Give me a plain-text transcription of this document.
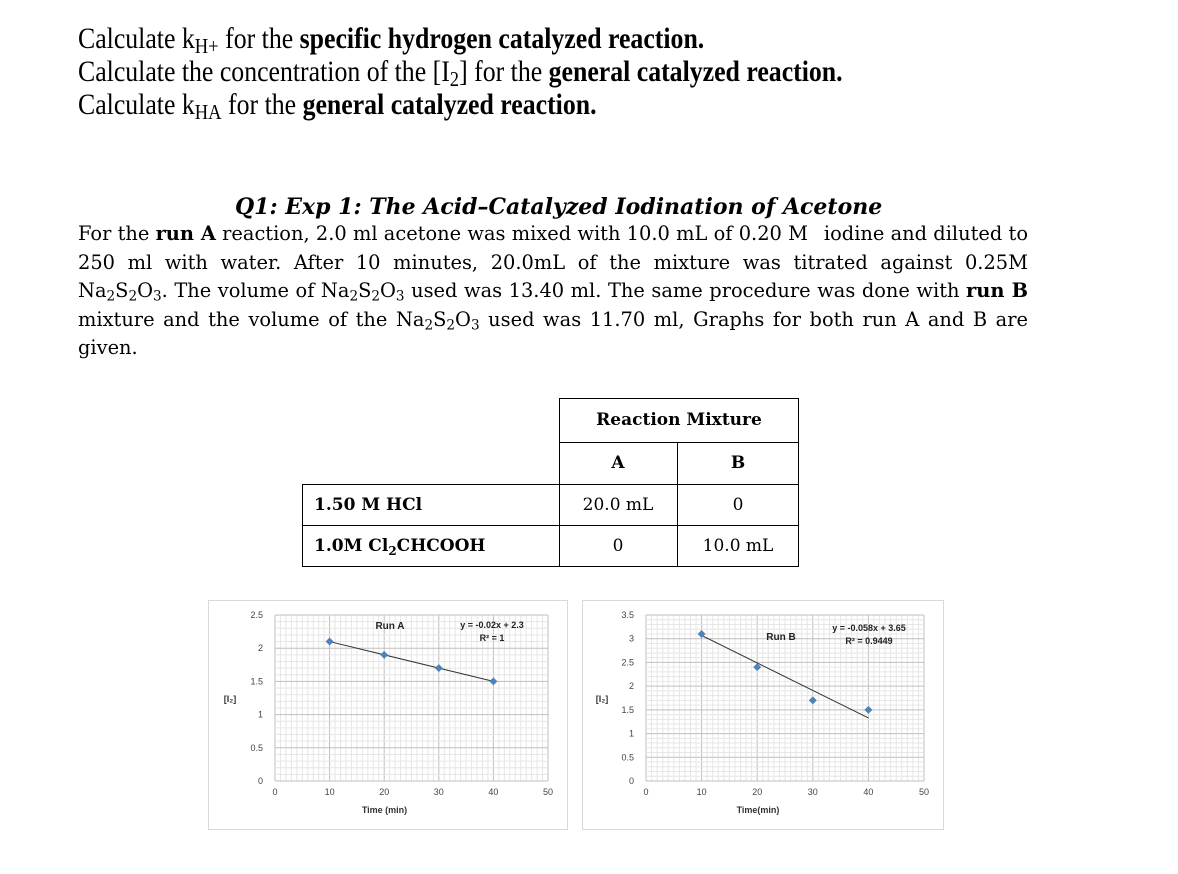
Calculate $k_{H+}$ for the specific hydrogen catalyzed reaction.
Calculate the concentration of the $[I_2]$ for the general catalyzed reaction.
Calculate $k_{HA}$ for the general catalyzed reaction.
Q1: Exp 1: The Acid–Catalyzed Iodination of Acetone
For the run A reaction, 2.0 ml acetone was mixed with 10.0 mL of 0.20 M  iodine and diluted to 250 ml with water. After 10 minutes, 20.0mL of the mixture was titrated against 0.25M $Na_2S_2O_3$. The volume of $Na_2S_2O_3$ used was 13.40 ml. The same procedure was done with run B mixture and the volume of the $Na_2S_2O_3$ used was 11.70 ml, Graphs for both run A and B are given.
Reaction Mixture
A	B
1.50 M HCl	20.0 mL	0
1.0M Cl 2 CHCOOH	0	10.0 mL
0	10	20	30	40	50
0
0.5
1
1.5
2
2.5
Time (min)
[I₂]
Run A	y = -0.02x + 2.3
R² = 1
0	10	20	30	40	50
0
0.5
1
1.5
2
2.5
3
3.5
Time(min)
[I₂]
Run B
y = -0.058x + 3.65
R² = 0.9449
